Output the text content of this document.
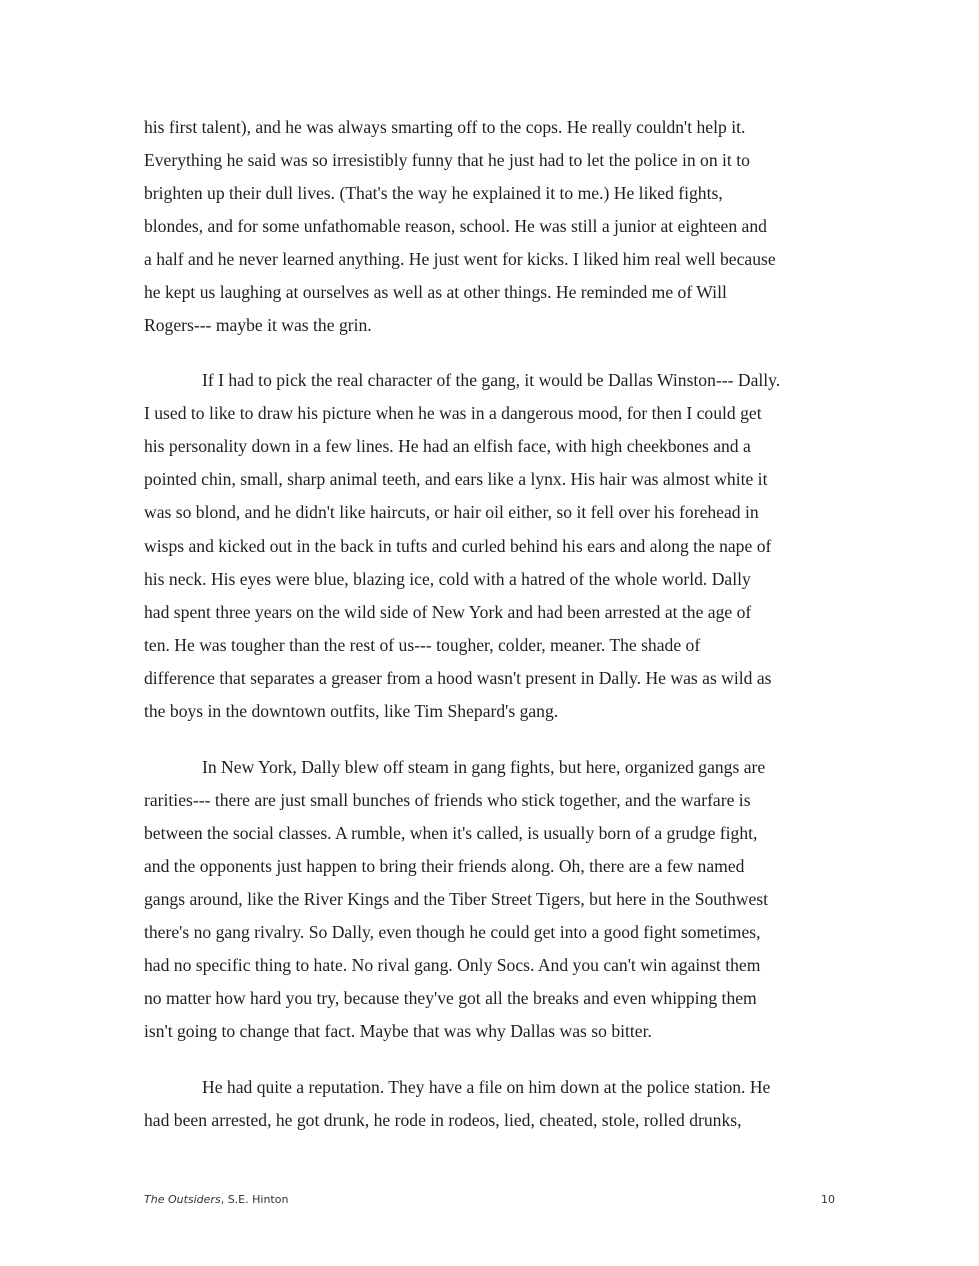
his first talent), and he was always smarting off to the cops. He really couldn't help it.
Everything he said was so irresistibly funny that he just had to let the police in on it to
brighten up their dull lives. (That's the way he explained it to me.) He liked fights,
blondes, and for some unfathomable reason, school. He was still a junior at eighteen and
a half and he never learned anything. He just went for kicks. I liked him real well because
he kept us laughing at ourselves as well as at other things. He reminded me of Will
Rogers--- maybe it was the grin.
If I had to pick the real character of the gang, it would be Dallas Winston--- Dally.
I used to like to draw his picture when he was in a dangerous mood, for then I could get
his personality down in a few lines. He had an elfish face, with high cheekbones and a
pointed chin, small, sharp animal teeth, and ears like a lynx. His hair was almost white it
was so blond, and he didn't like haircuts, or hair oil either, so it fell over his forehead in
wisps and kicked out in the back in tufts and curled behind his ears and along the nape of
his neck. His eyes were blue, blazing ice, cold with a hatred of the whole world. Dally
had spent three years on the wild side of New York and had been arrested at the age of
ten. He was tougher than the rest of us--- tougher, colder, meaner. The shade of
difference that separates a greaser from a hood wasn't present in Dally. He was as wild as
the boys in the downtown outfits, like Tim Shepard's gang.
In New York, Dally blew off steam in gang fights, but here, organized gangs are
rarities--- there are just small bunches of friends who stick together, and the warfare is
between the social classes. A rumble, when it's called, is usually born of a grudge fight,
and the opponents just happen to bring their friends along. Oh, there are a few named
gangs around, like the River Kings and the Tiber Street Tigers, but here in the Southwest
there's no gang rivalry. So Dally, even though he could get into a good fight sometimes,
had no specific thing to hate. No rival gang. Only Socs. And you can't win against them
no matter how hard you try, because they've got all the breaks and even whipping them
isn't going to change that fact. Maybe that was why Dallas was so bitter.
He had quite a reputation. They have a file on him down at the police station. He
had been arrested, he got drunk, he rode in rodeos, lied, cheated, stole, rolled drunks,
The Outsiders, S.E. Hinton	10
